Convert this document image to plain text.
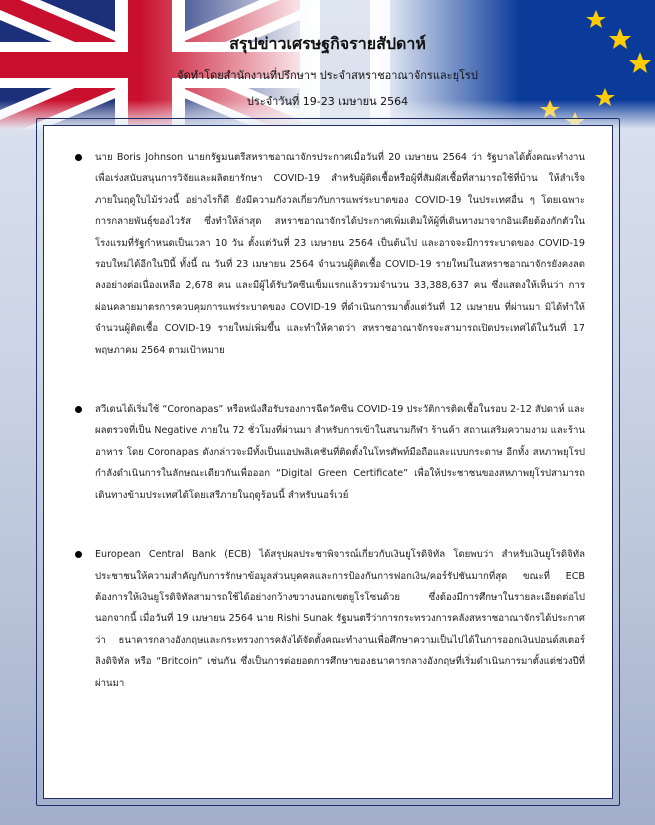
สรุปข่าวเศรษฐกิจรายสัปดาห์
จัดทำโดยสำนักงานที่ปรึกษาฯ ประจำสหราชอาณาจักรและยุโรป
ประจำวันที่ 19-23 เมษายน 2564
นาย Boris Johnson นายกรัฐมนตรีสหราชอาณาจักรประกาศเมื่อวันที่ 20 เมษายน 2564 ว่า รัฐบาลได้ตั้งคณะทำงานเพื่อเร่งสนับสนุนการวิจัยและผลิตยารักษา COVID-19 สำหรับผู้ติดเชื้อหรือผู้ที่สัมผัสเชื้อที่สามารถใช้ที่บ้าน ให้สำเร็จภายในฤดูใบไม้ร่วงนี้ อย่างไรก็ดี ยังมีความกังวลเกี่ยวกับการแพร่ระบาดของ COVID-19 ในประเทศอื่น ๆ โดยเฉพาะการกลายพันธุ์ของไวรัส ซึ่งทำให้ล่าสุด สหราชอาณาจักรได้ประกาศเพิ่มเติมให้ผู้ที่เดินทางมาจากอินเดียต้องกักตัวในโรงแรมที่รัฐกำหนดเป็นเวลา 10 วัน ตั้งแต่วันที่ 23 เมษายน 2564 เป็นต้นไป และอาจจะมีการระบาดของ COVID-19 รอบใหม่ได้อีกในปีนี้ ทั้งนี้ ณ วันที่ 23 เมษายน 2564 จำนวนผู้ติดเชื้อ COVID-19 รายใหม่ในสหราชอาณาจักรยังคงลดลงอย่างต่อเนื่องเหลือ 2,678 คน และมีผู้ได้รับวัคซีนเข็มแรกแล้วรวมจำนวน 33,388,637 คน ซึ่งแสดงให้เห็นว่า การผ่อนคลายมาตรการควบคุมการแพร่ระบาดของ COVID-19 ที่ดำเนินการมาตั้งแต่วันที่ 12 เมษายน ที่ผ่านมา มิได้ทำให้จำนวนผู้ติดเชื้อ COVID-19 รายใหม่เพิ่มขึ้น และทำให้คาดว่า สหราชอาณาจักรจะสามารถเปิดประเทศได้ในวันที่ 17 พฤษภาคม 2564 ตามเป้าหมาย
สวีเดนได้เริ่มใช้ “Coronapas” หรือหนังสือรับรองการฉีดวัคซีน COVID-19 ประวัติการติดเชื้อในรอบ 2-12 สัปดาห์ และผลตรวจที่เป็น Negative ภายใน 72 ชั่วโมงที่ผ่านมา สำหรับการเข้าในสนามกีฬา ร้านค้า สถานเสริมความงาม และร้านอาหาร โดย Coronapas ดังกล่าวจะมีทั้งเป็นแอปพลิเคชันที่ติดตั้งในโทรศัพท์มือถือและแบบกระดาษ อีกทั้ง สหภาพยุโรปกำลังดำเนินการในลักษณะเดียวกันเพื่อออก “Digital Green Certificate” เพื่อให้ประชาชนของสหภาพยุโรปสามารถเดินทางข้ามประเทศได้โดยเสรีภายในฤดูร้อนนี้ สำหรับนอร์เวย์
European Central Bank (ECB) ได้สรุปผลประชาพิจารณ์เกี่ยวกับเงินยูโรดิจิทัล โดยพบว่า สำหรับเงินยูโรดิจิทัล ประชาชนให้ความสำคัญกับการรักษาข้อมูลส่วนบุคคลและการป้องกันการฟอกเงิน/คอร์รัปชันมากที่สุด ขณะที่ ECB ต้องการให้เงินยูโรดิจิทัลสามารถใช้ได้อย่างกว้างขวางนอกเขตยูโรโซนด้วย ซึ่งต้องมีการศึกษาในรายละเอียดต่อไป นอกจากนี้ เมื่อวันที่ 19 เมษายน 2564 นาย Rishi Sunak รัฐมนตรีว่าการกระทรวงการคลังสหราชอาณาจักรได้ประกาศว่า ธนาคารกลางอังกฤษและกระทรวงการคลังได้จัดตั้งคณะทำงานเพื่อศึกษาความเป็นไปได้ในการออกเงินปอนด์สเตอร์ลิงดิจิทัล หรือ “Britcoin” เช่นกัน ซึ่งเป็นการต่อยอดการศึกษาของธนาคารกลางอังกฤษที่เริ่มดำเนินการมาตั้งแต่ช่วงปีที่ผ่านมา
